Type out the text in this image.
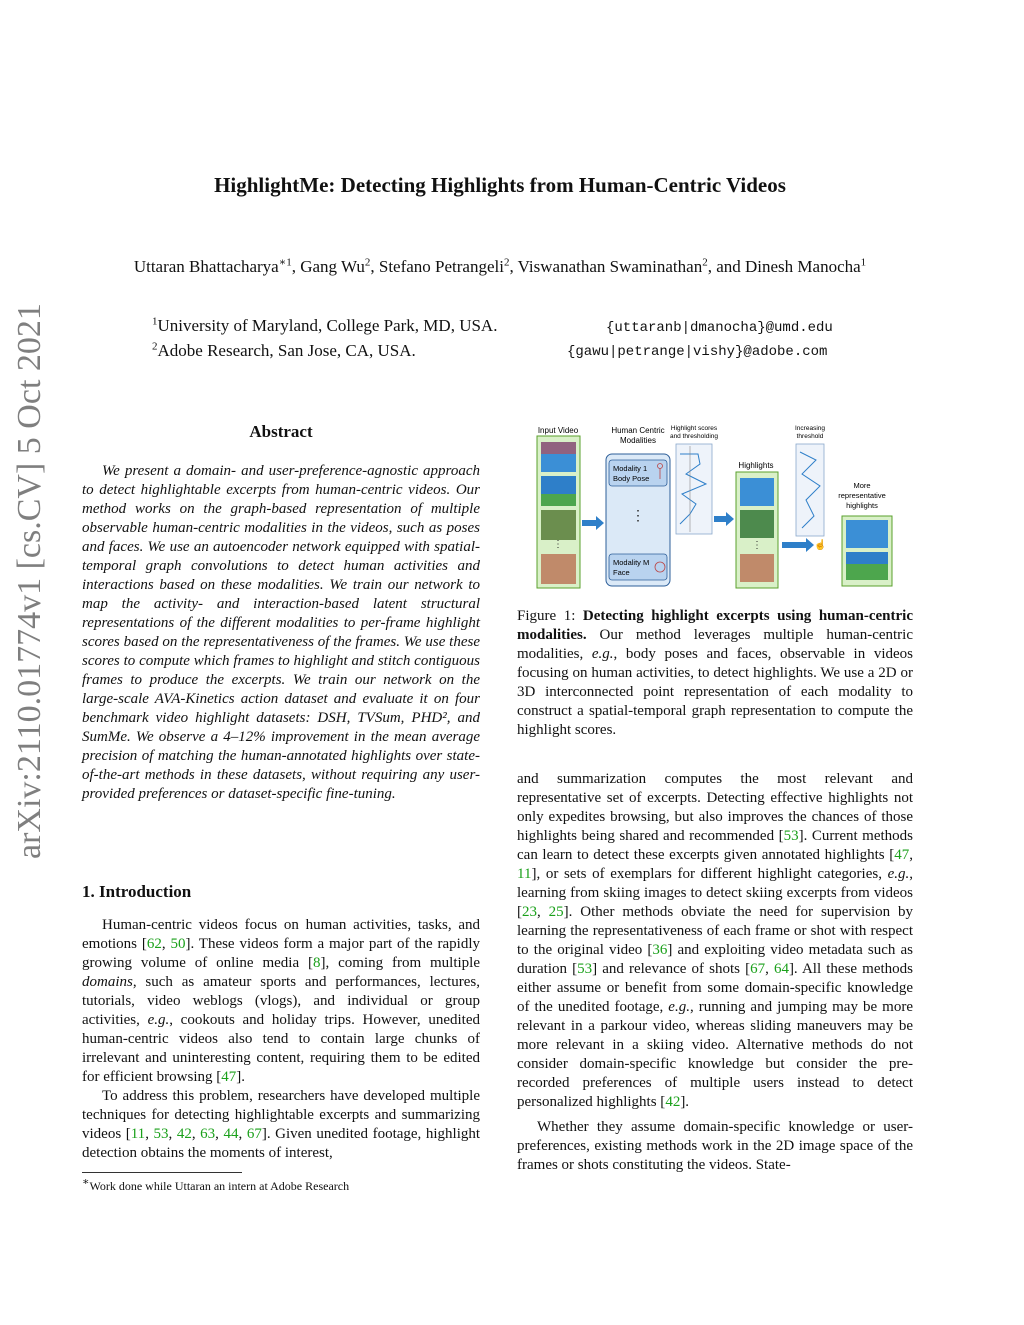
arXiv:2110.01774v1 [cs.CV] 5 Oct 2021
HighlightMe: Detecting Highlights from Human-Centric Videos
Uttaran Bhattacharya$^{∗1}$, Gang Wu$^2$, Stefano Petrangeli$^2$, Viswanathan Swaminathan$^2$, and Dinesh Manocha$^1$
$^1$University of Maryland, College Park, MD, USA.	{uttaranb|dmanocha}@umd.edu
$^2$Adobe Research, San Jose, CA, USA.	{gawu|petrange|vishy}@adobe.com
Abstract
We present a domain- and user-preference-agnostic approach to detect highlightable excerpts from human-centric videos. Our method works on the graph-based representation of multiple observable human-centric modalities in the videos, such as poses and faces. We use an autoencoder network equipped with spatial-temporal graph convolutions to detect human activities and interactions based on these modalities. We train our network to map the activity- and interaction-based latent structural representations of the different modalities to per-frame highlight scores based on the representativeness of the frames. We use these scores to compute which frames to highlight and stitch contiguous frames to produce the excerpts. We train our network on the large-scale AVA-Kinetics action dataset and evaluate it on four benchmark video highlight datasets: DSH, TVSum, PHD², and SumMe. We observe a 4–12% improvement in the mean average precision of matching the human-annotated highlights over state-of-the-art methods in these datasets, without requiring any user-provided preferences or dataset-specific fine-tuning.
1. Introduction

Human-centric videos focus on human activities, tasks, and emotions [62, 50]. These videos form a major part of the rapidly growing volume of online media [8], coming from multiple domains, such as amateur sports and performances, lectures, tutorials, video weblogs (vlogs), and individual or group activities, e.g., cookouts and holiday trips. However, unedited human-centric videos also tend to contain large chunks of irrelevant and uninteresting content, requiring them to be edited for efficient browsing [47].

To address this problem, researchers have developed multiple techniques for detecting highlightable excerpts and summarizing videos [11, 53, 42, 63, 44, 67]. Given unedited footage, highlight detection obtains the moments of interest,

∗Work done while Uttaran an intern at Adobe Research
⋮
Input Video	Human Centric
Modalities
Modality 1
Body Pose
⋮
Modality M
Face
Highlight scores
and thresholding
Highlights
⋮
Increasing
threshold
☝
More
representative
highlights
Figure 1: Detecting highlight excerpts using human-centric modalities. Our method leverages multiple human-centric modalities, e.g., body poses and faces, observable in videos focusing on human activities, to detect highlights. We use a 2D or 3D interconnected point representation of each modality to construct a spatial-temporal graph representation to compute the highlight scores.

and summarization computes the most relevant and representative set of excerpts. Detecting effective highlights not only expedites browsing, but also improves the chances of those highlights being shared and recommended [53]. Current methods can learn to detect these excerpts given annotated highlights [47, 11], or sets of exemplars for different highlight categories, e.g., learning from skiing images to detect skiing excerpts from videos [23, 25]. Other methods obviate the need for supervision by learning the representativeness of each frame or shot with respect to the original video [36] and exploiting video metadata such as duration [53] and relevance of shots [67, 64]. All these methods either assume or benefit from some domain-specific knowledge of the unedited footage, e.g., running and jumping may be more relevant in a parkour video, whereas sliding maneuvers may be more relevant in a skiing video. Alternative methods do not consider domain-specific knowledge but consider the pre-recorded preferences of multiple users instead to detect personalized highlights [42].

Whether they assume domain-specific knowledge or user-preferences, existing methods work in the 2D image space of the frames or shots constituting the videos. State-
